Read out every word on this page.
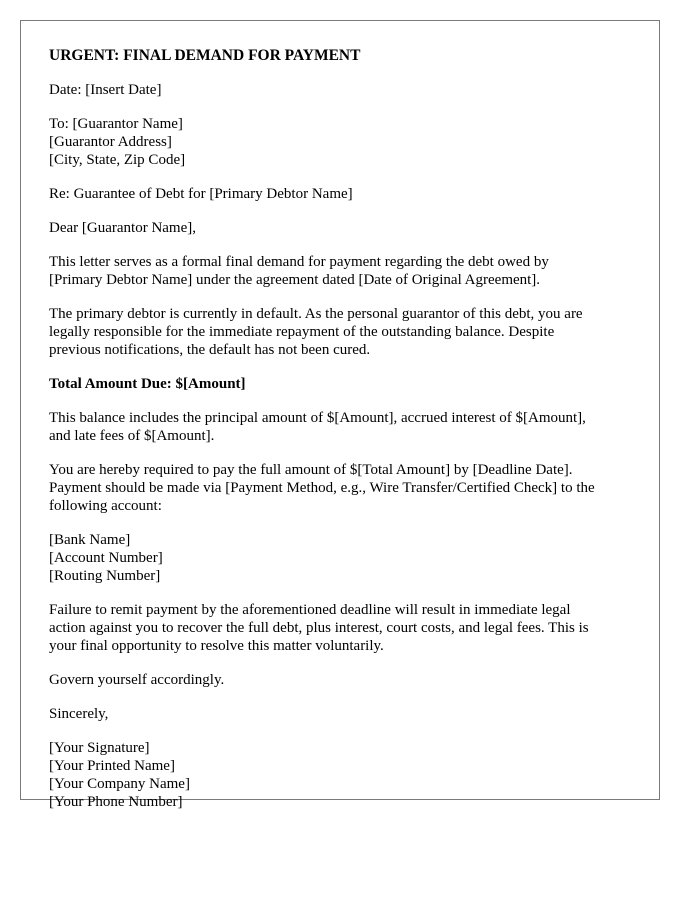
URGENT: FINAL DEMAND FOR PAYMENT

Date: [Insert Date]

To: [Guarantor Name]
[Guarantor Address]
[City, State, Zip Code]

Re: Guarantee of Debt for [Primary Debtor Name]

Dear [Guarantor Name],

This letter serves as a formal final demand for payment regarding the debt owed by
[Primary Debtor Name] under the agreement dated [Date of Original Agreement].

The primary debtor is currently in default. As the personal guarantor of this debt, you are
legally responsible for the immediate repayment of the outstanding balance. Despite
previous notifications, the default has not been cured.

Total Amount Due: $[Amount]

This balance includes the principal amount of $[Amount], accrued interest of $[Amount],
and late fees of $[Amount].

You are hereby required to pay the full amount of $[Total Amount] by [Deadline Date].
Payment should be made via [Payment Method, e.g., Wire Transfer/Certified Check] to the
following account:

[Bank Name]
[Account Number]
[Routing Number]

Failure to remit payment by the aforementioned deadline will result in immediate legal
action against you to recover the full debt, plus interest, court costs, and legal fees. This is
your final opportunity to resolve this matter voluntarily.

Govern yourself accordingly.

Sincerely,

[Your Signature]
[Your Printed Name]
[Your Company Name]
[Your Phone Number]
